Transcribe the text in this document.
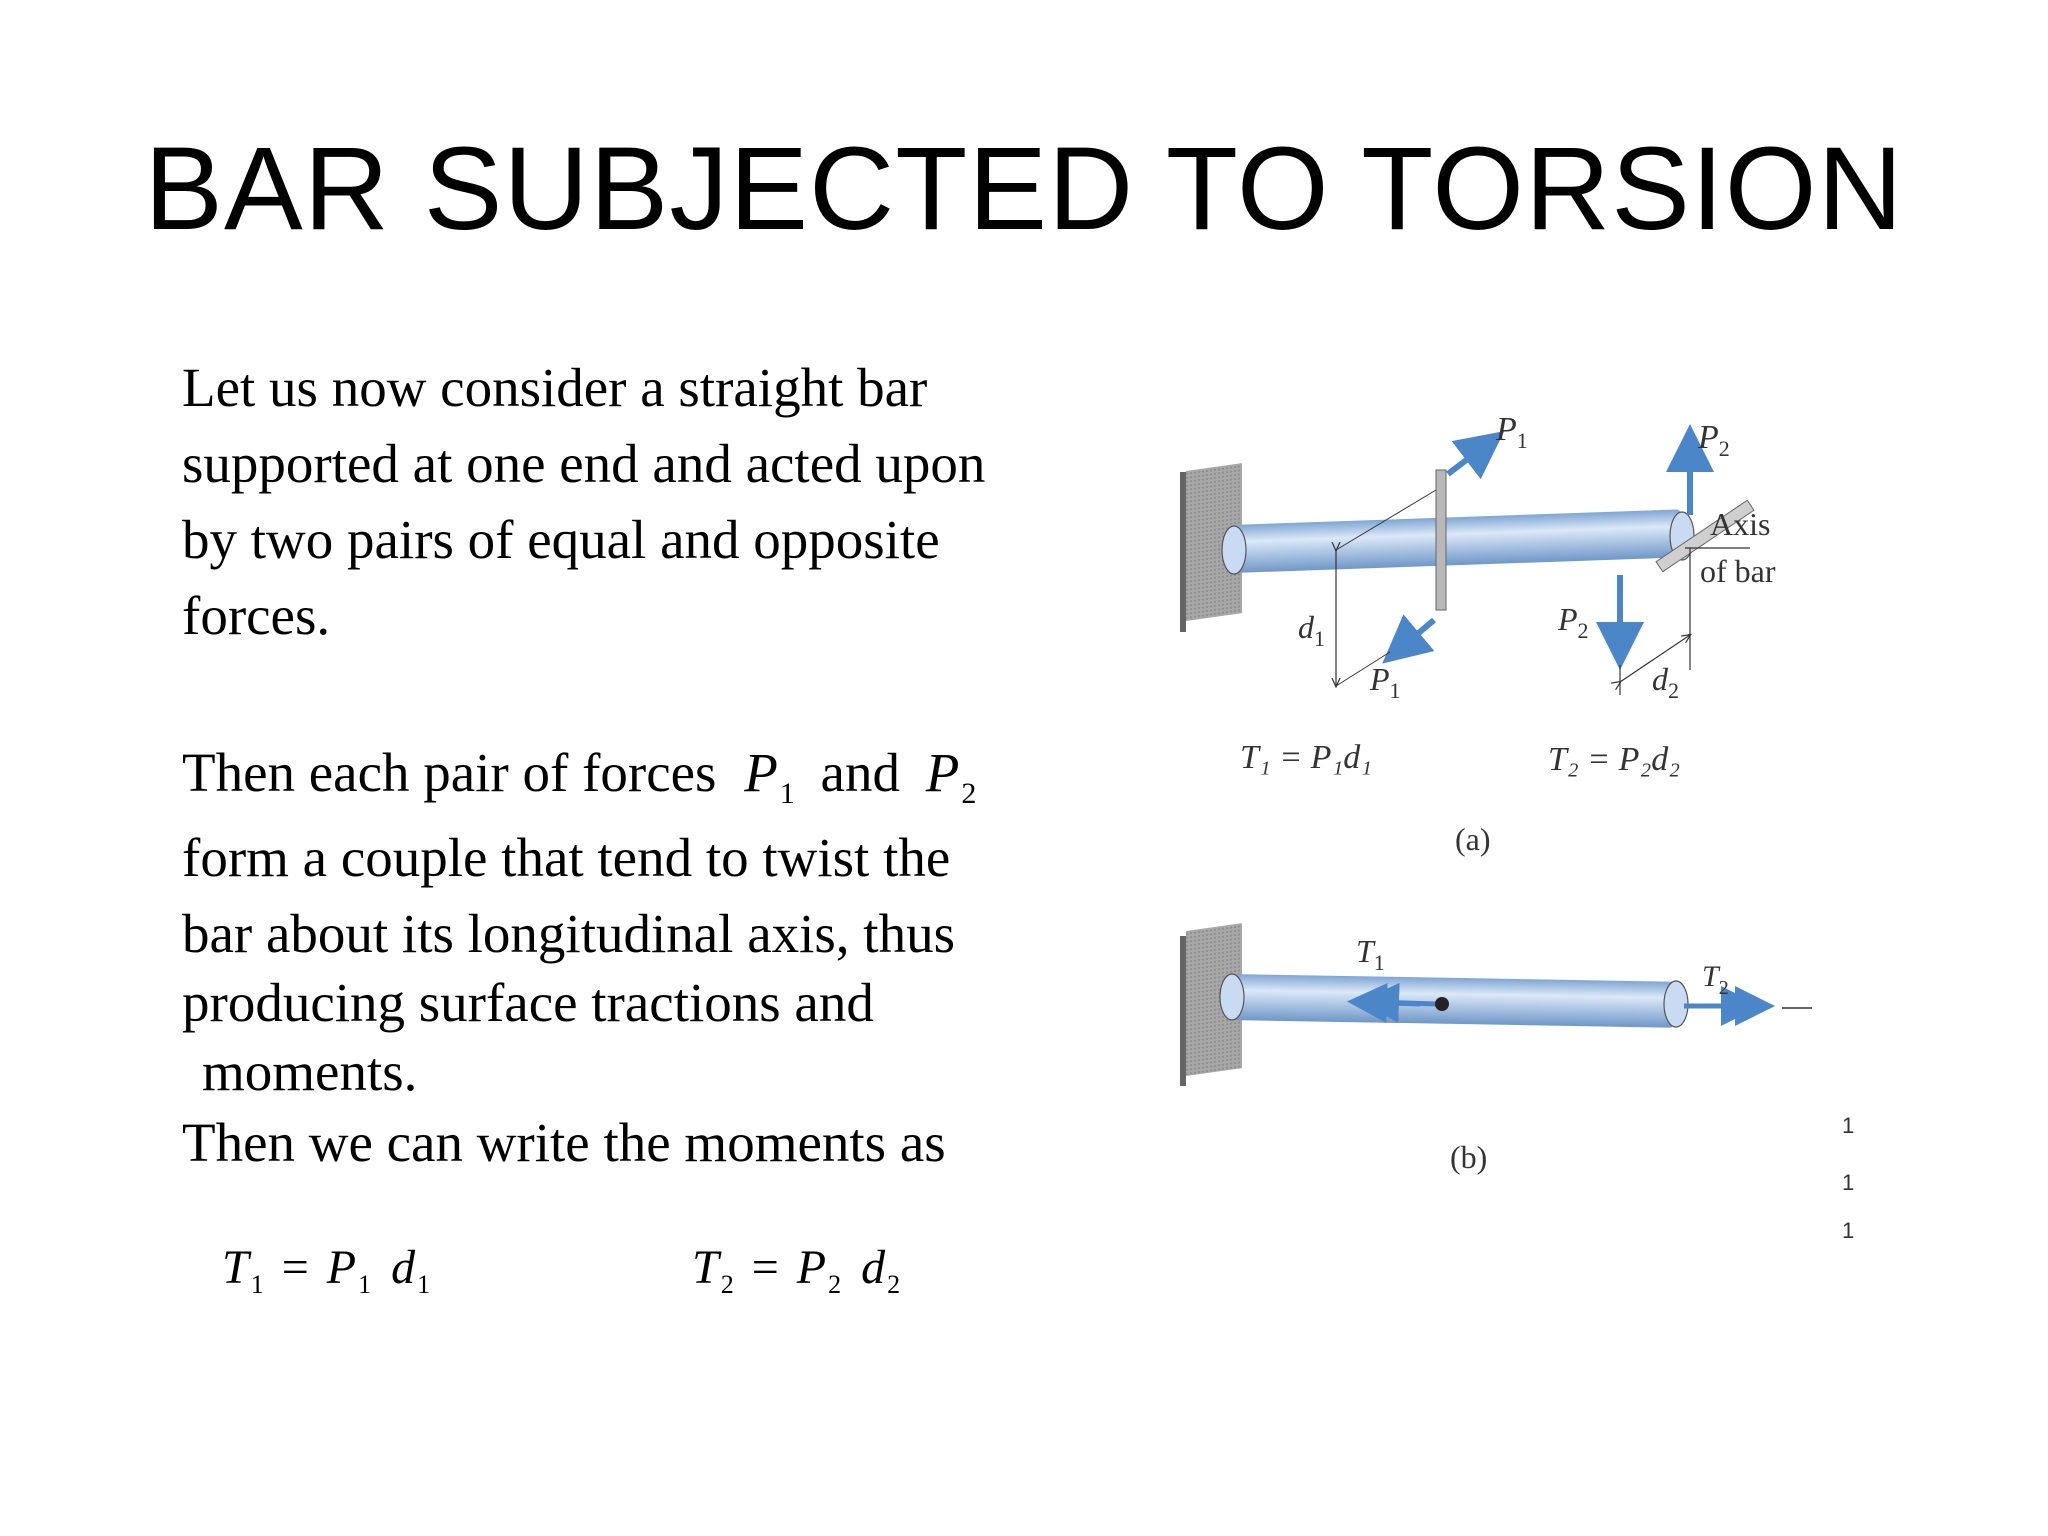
BAR SUBJECTED TO TORSION
Let us now consider a straight bar
supported at one end and acted upon
by two pairs of equal and opposite
forces.
Then each pair of forces $P_1$ and $P_2$
form a couple that tend to twist the
bar about its longitudinal axis, thus
producing surface tractions and
moments.
Then we can write the moments as
$T_1 = P_1$ $d_1$	$T_2 = P_2$ $d_2$
$P_1$	$P_2$
Axis
of bar
$d_1$
$P_2$
$P_1$	$d_2$
T₁ = P₁d₁	T₂ = P₂d₂
(a)
$T_1$	$T_2$
(b)
1
1
1
